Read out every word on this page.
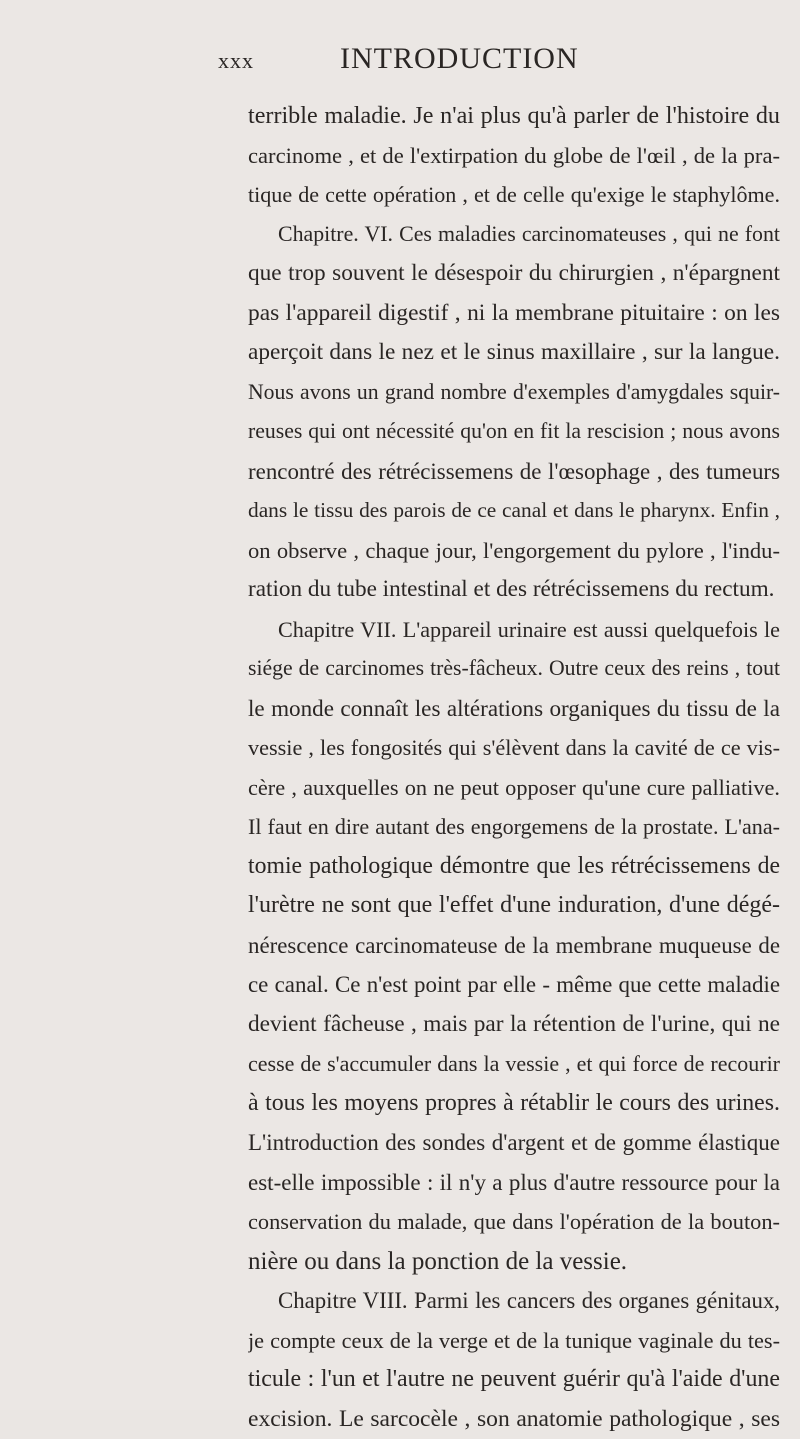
xxx	INTRODUCTION
terrible maladie. Je n'ai plus qu'à parler de l'histoire du
carcinome , et de l'extirpation du globe de l'œil , de la pra-
tique de cette opération , et de celle qu'exige le staphylôme.
Chapitre. VI. Ces maladies carcinomateuses , qui ne font
que trop souvent le désespoir du chirurgien , n'épargnent
pas l'appareil digestif , ni la membrane pituitaire : on les
aperçoit dans le nez et le sinus maxillaire , sur la langue.
Nous avons un grand nombre d'exemples d'amygdales squir-
reuses qui ont nécessité qu'on en fit la rescision ; nous avons
rencontré des rétrécissemens de l'œsophage , des tumeurs
dans le tissu des parois de ce canal et dans le pharynx. Enfin ,
on observe , chaque jour, l'engorgement du pylore , l'indu-
ration du tube intestinal et des rétrécissemens du rectum.
Chapitre VII. L'appareil urinaire est aussi quelquefois le
siége de carcinomes très-fâcheux. Outre ceux des reins , tout
le monde connaît les altérations organiques du tissu de la
vessie , les fongosités qui s'élèvent dans la cavité de ce vis-
cère , auxquelles on ne peut opposer qu'une cure palliative.
Il faut en dire autant des engorgemens de la prostate. L'ana-
tomie pathologique démontre que les rétrécissemens de
l'urètre ne sont que l'effet d'une induration, d'une dégé-
nérescence carcinomateuse de la membrane muqueuse de
ce canal. Ce n'est point par elle - même que cette maladie
devient fâcheuse , mais par la rétention de l'urine, qui ne
cesse de s'accumuler dans la vessie , et qui force de recourir
à tous les moyens propres à rétablir le cours des urines.
L'introduction des sondes d'argent et de gomme élastique
est-elle impossible : il n'y a plus d'autre ressource pour la
conservation du malade, que dans l'opération de la bouton-
nière ou dans la ponction de la vessie.
Chapitre VIII. Parmi les cancers des organes génitaux,
je compte ceux de la verge et de la tunique vaginale du tes-
ticule : l'un et l'autre ne peuvent guérir qu'à l'aide d'une
excision. Le sarcocèle , son anatomie pathologique , ses
